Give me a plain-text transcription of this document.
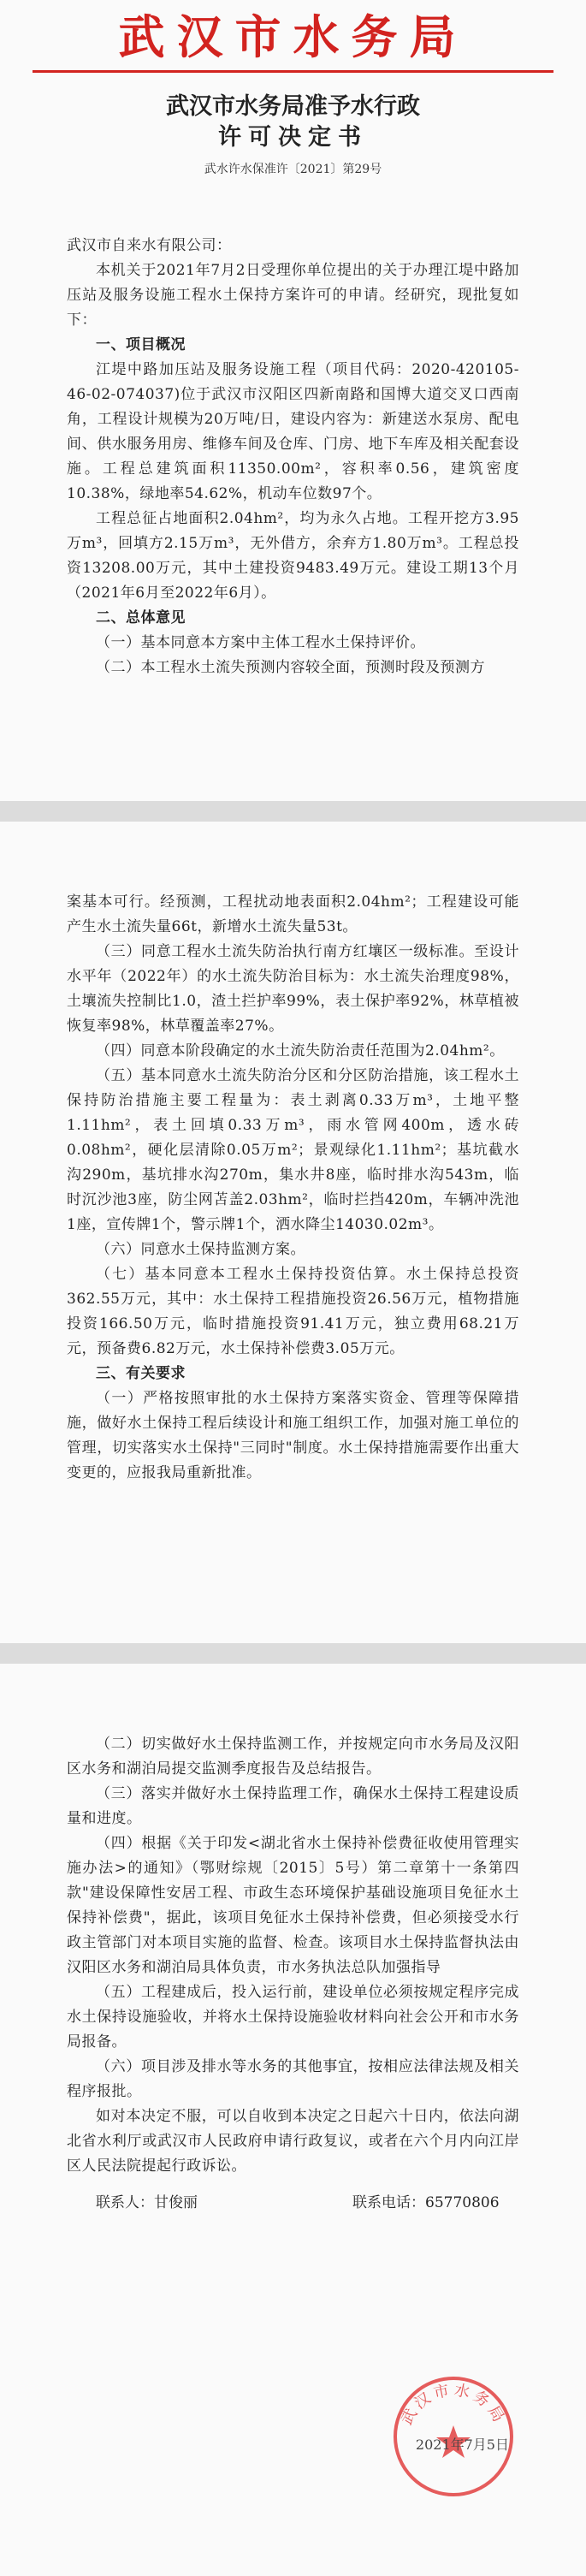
武汉市水务局
武汉市水务局准予水行政
许可决定书
武水许水保准许〔2021〕第29号

武汉市自来水有限公司：

本机关于2021年7月2日受理你单位提出的关于办理江堤中路加压站及服务设施工程水土保持方案许可的申请。经研究，现批复如下：

一、项目概况

江堤中路加压站及服务设施工程（项目代码：2020-420105-46-02-074037)位于武汉市汉阳区四新南路和国博大道交叉口西南角，工程设计规模为20万吨/日，建设内容为：新建送水泵房、配电间、供水服务用房、维修车间及仓库、门房、地下车库及相关配套设施。工程总建筑面积11350.00m²，容积率0.56，建筑密度10.38%，绿地率54.62%，机动车位数97个。

工程总征占地面积2.04hm²，均为永久占地。工程开挖方3.95万m³，回填方2.15万m³，无外借方，余弃方1.80万m³。工程总投资13208.00万元，其中土建投资9483.49万元。建设工期13个月（2021年6月至2022年6月）。

二、总体意见

（一）基本同意本方案中主体工程水土保持评价。

（二）本工程水土流失预测内容较全面，预测时段及预测方

案基本可行。经预测，工程扰动地表面积2.04hm²；工程建设可能产生水土流失量66t，新增水土流失量53t。

（三）同意工程水土流失防治执行南方红壤区一级标准。至设计水平年（2022年）的水土流失防治目标为：水土流失治理度98%，土壤流失控制比1.0，渣土拦护率99%，表土保护率92%，林草植被恢复率98%，林草覆盖率27%。

（四）同意本阶段确定的水土流失防治责任范围为2.04hm²。

（五）基本同意水土流失防治分区和分区防治措施，该工程水土保持防治措施主要工程量为：表土剥离0.33万m³，土地平整1.11hm²，表土回填0.33万m³，雨水管网400m，透水砖0.08hm²，硬化层清除0.05万m²；景观绿化1.11hm²；基坑截水沟290m，基坑排水沟270m，集水井8座，临时排水沟543m，临时沉沙池3座，防尘网苫盖2.03hm²，临时拦挡420m，车辆冲洗池1座，宣传牌1个，警示牌1个，洒水降尘14030.02m³。

（六）同意水土保持监测方案。

（七）基本同意本工程水土保持投资估算。水土保持总投资362.55万元，其中：水土保持工程措施投资26.56万元，植物措施投资166.50万元，临时措施投资91.41万元，独立费用68.21万元，预备费6.82万元，水土保持补偿费3.05万元。

三、有关要求

（一）严格按照审批的水土保持方案落实资金、管理等保障措施，做好水土保持工程后续设计和施工组织工作，加强对施工单位的管理，切实落实水土保持"三同时"制度。水土保持措施需要作出重大变更的，应报我局重新批准。

（二）切实做好水土保持监测工作，并按规定向市水务局及汉阳区水务和湖泊局提交监测季度报告及总结报告。

（三）落实并做好水土保持监理工作，确保水土保持工程建设质量和进度。

（四）根据《关于印发<湖北省水土保持补偿费征收使用管理实施办法>的通知》（鄂财综规〔2015〕5号）第二章第十一条第四款"建设保障性安居工程、市政生态环境保护基础设施项目免征水土保持补偿费"，据此，该项目免征水土保持补偿费，但必须接受水行政主管部门对本项目实施的监督、检查。该项目水土保持监督执法由汉阳区水务和湖泊局具体负责，市水务执法总队加强指导

（五）工程建成后，投入运行前，建设单位必须按规定程序完成水土保持设施验收，并将水土保持设施验收材料向社会公开和市水务局报备。

（六）项目涉及排水等水务的其他事宜，按相应法律法规及相关程序报批。

如对本决定不服，可以自收到本决定之日起六十日内，依法向湖北省水利厅或武汉市人民政府申请行政复议，或者在六个月内向江岸区人民法院提起行政诉讼。

联系人：甘俊丽	联系电话：65770806
武汉市水务局
2021年7月5日
